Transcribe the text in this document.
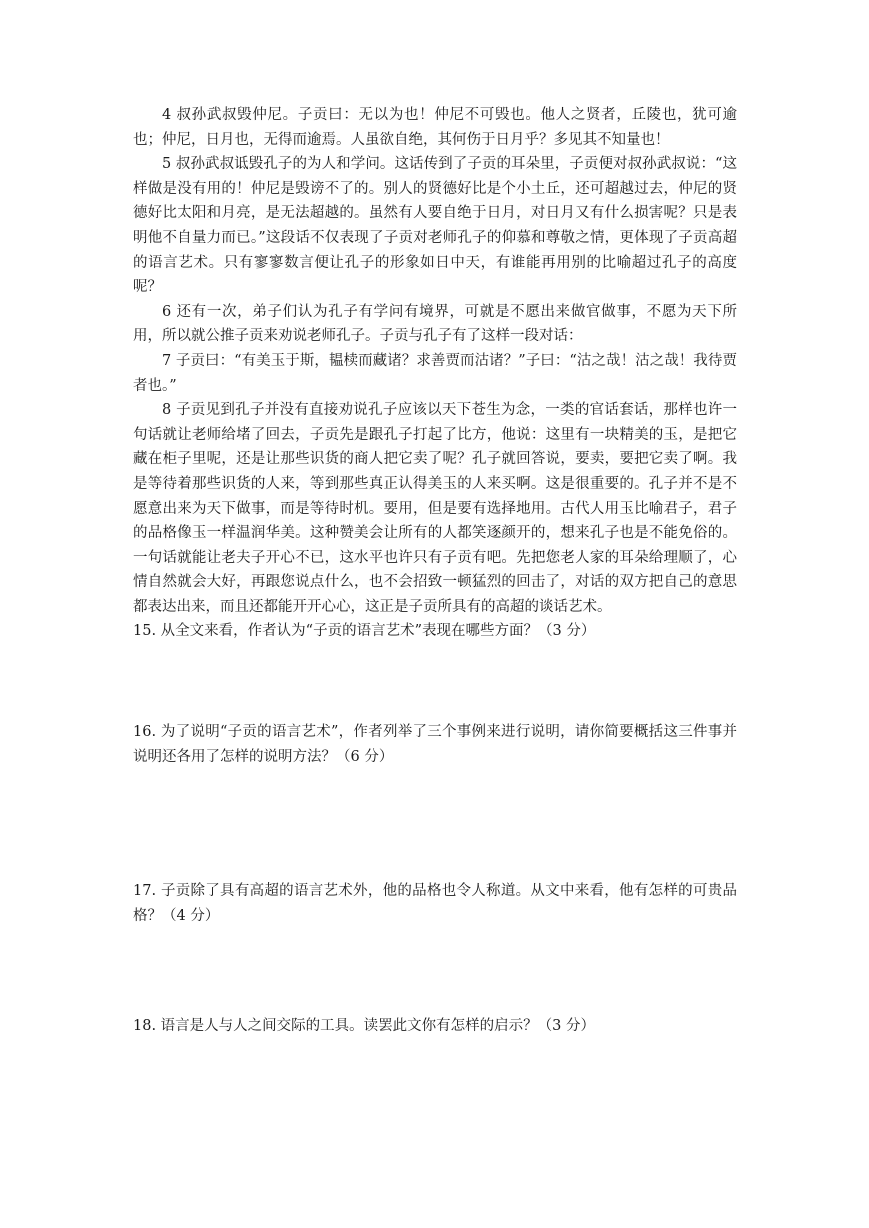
4 叔孙武叔毁仲尼。子贡曰：无以为也！仲尼不可毁也。他人之贤者，丘陵也，犹可逾也；仲尼，日月也，无得而逾焉。人虽欲自绝，其何伤于日月乎？多见其不知量也！

5 叔孙武叔诋毁孔子的为人和学问。这话传到了子贡的耳朵里，子贡便对叔孙武叔说：“这样做是没有用的！仲尼是毁谤不了的。别人的贤德好比是个小土丘，还可超越过去，仲尼的贤德好比太阳和月亮，是无法超越的。虽然有人要自绝于日月，对日月又有什么损害呢？只是表明他不自量力而已。”这段话不仅表现了子贡对老师孔子的仰慕和尊敬之情，更体现了子贡高超的语言艺术。只有寥寥数言便让孔子的形象如日中天，有谁能再用别的比喻超过孔子的高度呢？

6 还有一次，弟子们认为孔子有学问有境界，可就是不愿出来做官做事，不愿为天下所用，所以就公推子贡来劝说老师孔子。子贡与孔子有了这样一段对话：

7 子贡曰：“有美玉于斯，韫椟而藏诸？求善贾而沽诸？”子曰：“沽之哉！沽之哉！我待贾者也。”

8 子贡见到孔子并没有直接劝说孔子应该以天下苍生为念，一类的官话套话，那样也许一句话就让老师给堵了回去，子贡先是跟孔子打起了比方，他说：这里有一块精美的玉，是把它藏在柜子里呢，还是让那些识货的商人把它卖了呢？孔子就回答说，要卖，要把它卖了啊。我是等待着那些识货的人来，等到那些真正认得美玉的人来买啊。这是很重要的。孔子并不是不愿意出来为天下做事，而是等待时机。要用，但是要有选择地用。古代人用玉比喻君子，君子的品格像玉一样温润华美。这种赞美会让所有的人都笑逐颜开的，想来孔子也是不能免俗的。一句话就能让老夫子开心不已，这水平也许只有子贡有吧。先把您老人家的耳朵给理顺了，心情自然就会大好，再跟您说点什么，也不会招致一顿猛烈的回击了，对话的双方把自己的意思都表达出来，而且还都能开开心心，这正是子贡所具有的高超的谈话艺术。

15. 从全文来看，作者认为“子贡的语言艺术”表现在哪些方面？（3 分）

16. 为了说明“子贡的语言艺术”，作者列举了三个事例来进行说明，请你简要概括这三件事并说明还各用了怎样的说明方法？（6 分）

17. 子贡除了具有高超的语言艺术外，他的品格也令人称道。从文中来看，他有怎样的可贵品格？（4 分）

18. 语言是人与人之间交际的工具。读罢此文你有怎样的启示？（3 分）
